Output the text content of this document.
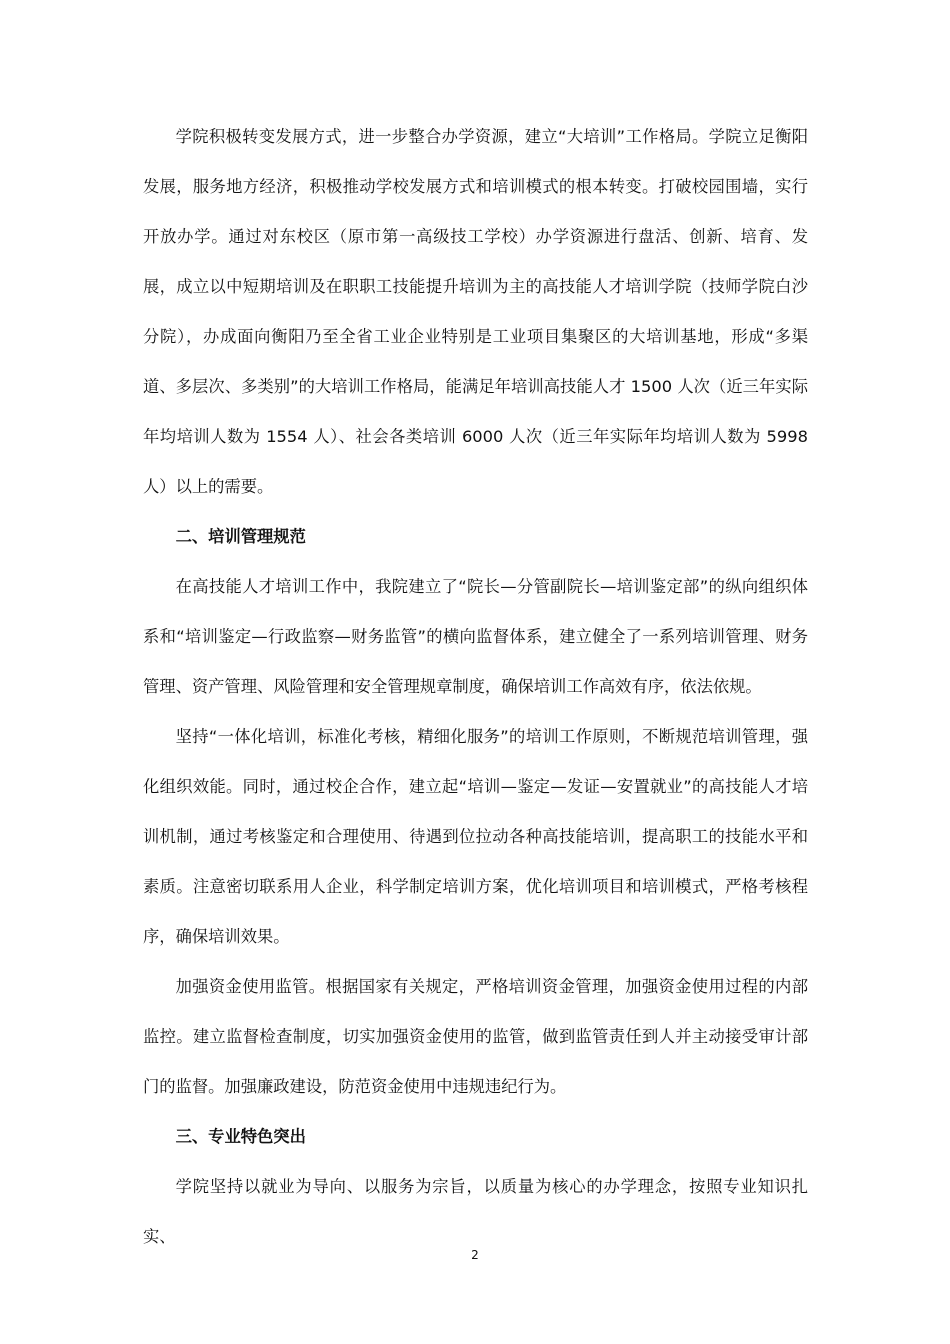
学院积极转变发展方式，进一步整合办学资源，建立“大培训”工作格局。学院立足衡阳发展，服务地方经济，积极推动学校发展方式和培训模式的根本转变。打破校园围墙，实行开放办学。通过对东校区（原市第一高级技工学校）办学资源进行盘活、创新、培育、发展，成立以中短期培训及在职职工技能提升培训为主的高技能人才培训学院（技师学院白沙分院），办成面向衡阳乃至全省工业企业特别是工业项目集聚区的大培训基地，形成“多渠道、多层次、多类别”的大培训工作格局，能满足年培训高技能人才 1500 人次（近三年实际年均培训人数为 1554 人）、社会各类培训 6000 人次（近三年实际年均培训人数为 5998 人）以上的需要。

二、培训管理规范

在高技能人才培训工作中，我院建立了“院长—分管副院长—培训鉴定部”的纵向组织体系和“培训鉴定—行政监察—财务监管”的横向监督体系，建立健全了一系列培训管理、财务管理、资产管理、风险管理和安全管理规章制度，确保培训工作高效有序，依法依规。

坚持“一体化培训，标准化考核，精细化服务”的培训工作原则，不断规范培训管理，强化组织效能。同时，通过校企合作，建立起“培训—鉴定—发证—安置就业”的高技能人才培训机制，通过考核鉴定和合理使用、待遇到位拉动各种高技能培训，提高职工的技能水平和素质。注意密切联系用人企业，科学制定培训方案，优化培训项目和培训模式，严格考核程序，确保培训效果。

加强资金使用监管。根据国家有关规定，严格培训资金管理，加强资金使用过程的内部监控。建立监督检查制度，切实加强资金使用的监管，做到监管责任到人并主动接受审计部门的监督。加强廉政建设，防范资金使用中违规违纪行为。

三、专业特色突出

学院坚持以就业为导向、以服务为宗旨，以质量为核心的办学理念，按照专业知识扎实、

2
